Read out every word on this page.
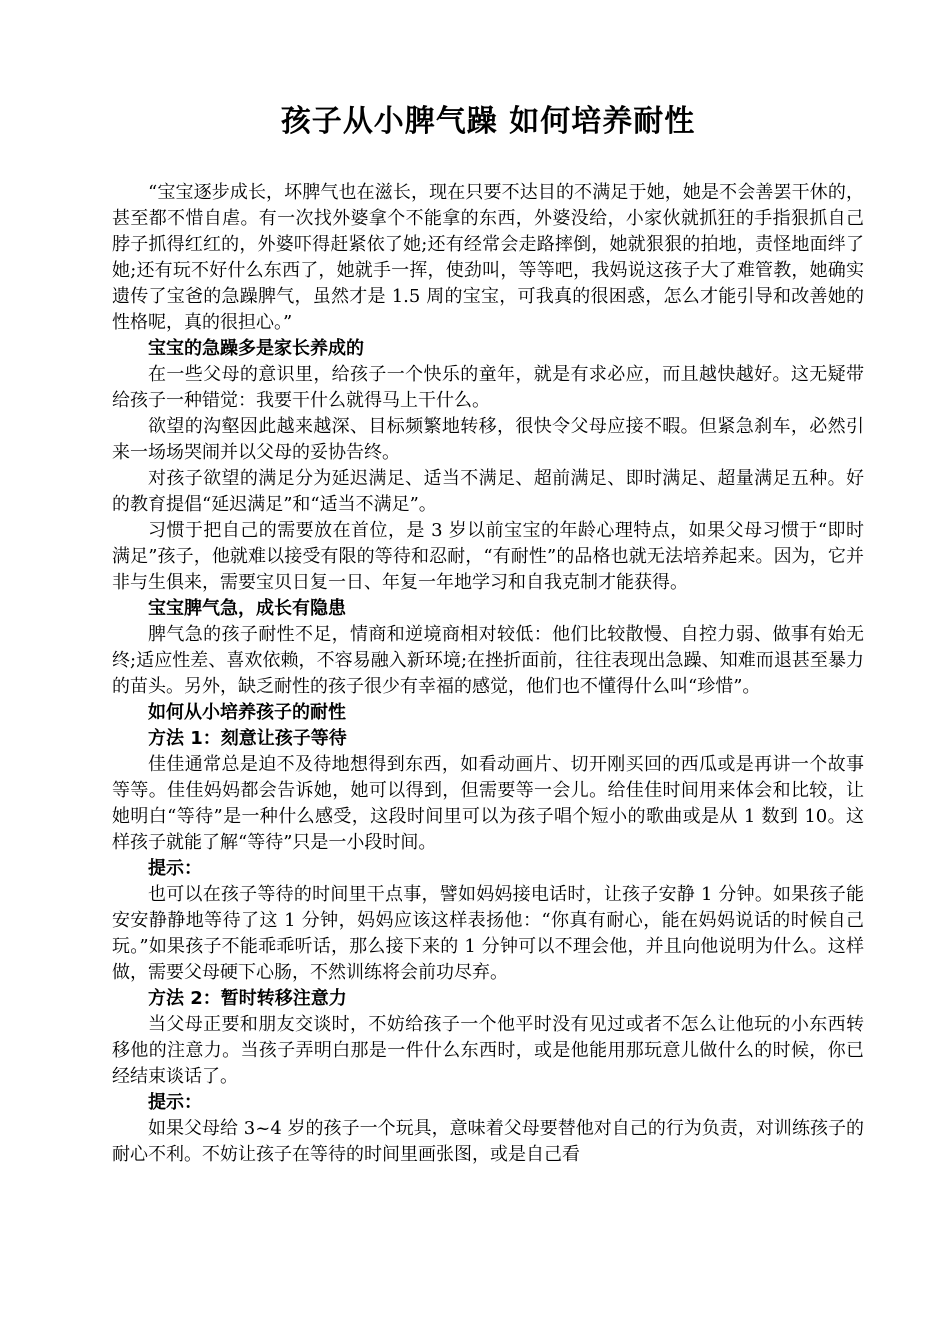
孩子从小脾气躁 如何培养耐性

“宝宝逐步成长，坏脾气也在滋长，现在只要不达目的不满足于她，她是不会善罢干休的，甚至都不惜自虐。有一次找外婆拿个不能拿的东西，外婆没给，小家伙就抓狂的手指狠抓自己脖子抓得红红的，外婆吓得赶紧依了她;还有经常会走路摔倒，她就狠狠的拍地，责怪地面绊了她;还有玩不好什么东西了，她就手一挥，使劲叫，等等吧，我妈说这孩子大了难管教，她确实遗传了宝爸的急躁脾气，虽然才是 1.5 周的宝宝，可我真的很困惑，怎么才能引导和改善她的性格呢，真的很担心。”

宝宝的急躁多是家长养成的

在一些父母的意识里，给孩子一个快乐的童年，就是有求必应，而且越快越好。这无疑带给孩子一种错觉：我要干什么就得马上干什么。

欲望的沟壑因此越来越深、目标频繁地转移，很快令父母应接不暇。但紧急刹车，必然引来一场场哭闹并以父母的妥协告终。

对孩子欲望的满足分为延迟满足、适当不满足、超前满足、即时满足、超量满足五种。好的教育提倡“延迟满足”和“适当不满足”。

习惯于把自己的需要放在首位，是 3 岁以前宝宝的年龄心理特点，如果父母习惯于“即时满足”孩子，他就难以接受有限的等待和忍耐，“有耐性”的品格也就无法培养起来。因为，它并非与生俱来，需要宝贝日复一日、年复一年地学习和自我克制才能获得。

宝宝脾气急，成长有隐患

脾气急的孩子耐性不足，情商和逆境商相对较低：他们比较散慢、自控力弱、做事有始无终;适应性差、喜欢依赖，不容易融入新环境;在挫折面前，往往表现出急躁、知难而退甚至暴力的苗头。另外，缺乏耐性的孩子很少有幸福的感觉，他们也不懂得什么叫“珍惜”。

如何从小培养孩子的耐性

方法 1：刻意让孩子等待

佳佳通常总是迫不及待地想得到东西，如看动画片、切开刚买回的西瓜或是再讲一个故事等等。佳佳妈妈都会告诉她，她可以得到，但需要等一会儿。给佳佳时间用来体会和比较，让她明白“等待”是一种什么感受，这段时间里可以为孩子唱个短小的歌曲或是从 1 数到 10。这样孩子就能了解“等待”只是一小段时间。

提示：

也可以在孩子等待的时间里干点事，譬如妈妈接电话时，让孩子安静 1 分钟。如果孩子能安安静静地等待了这 1 分钟，妈妈应该这样表扬他：“你真有耐心，能在妈妈说话的时候自己玩。”如果孩子不能乖乖听话，那么接下来的 1 分钟可以不理会他，并且向他说明为什么。这样做，需要父母硬下心肠，不然训练将会前功尽弃。

方法 2：暂时转移注意力

当父母正要和朋友交谈时，不妨给孩子一个他平时没有见过或者不怎么让他玩的小东西转移他的注意力。当孩子弄明白那是一件什么东西时，或是他能用那玩意儿做什么的时候，你已经结束谈话了。

提示：

如果父母给 3~4 岁的孩子一个玩具，意味着父母要替他对自己的行为负责，对训练孩子的耐心不利。不妨让孩子在等待的时间里画张图，或是自己看
